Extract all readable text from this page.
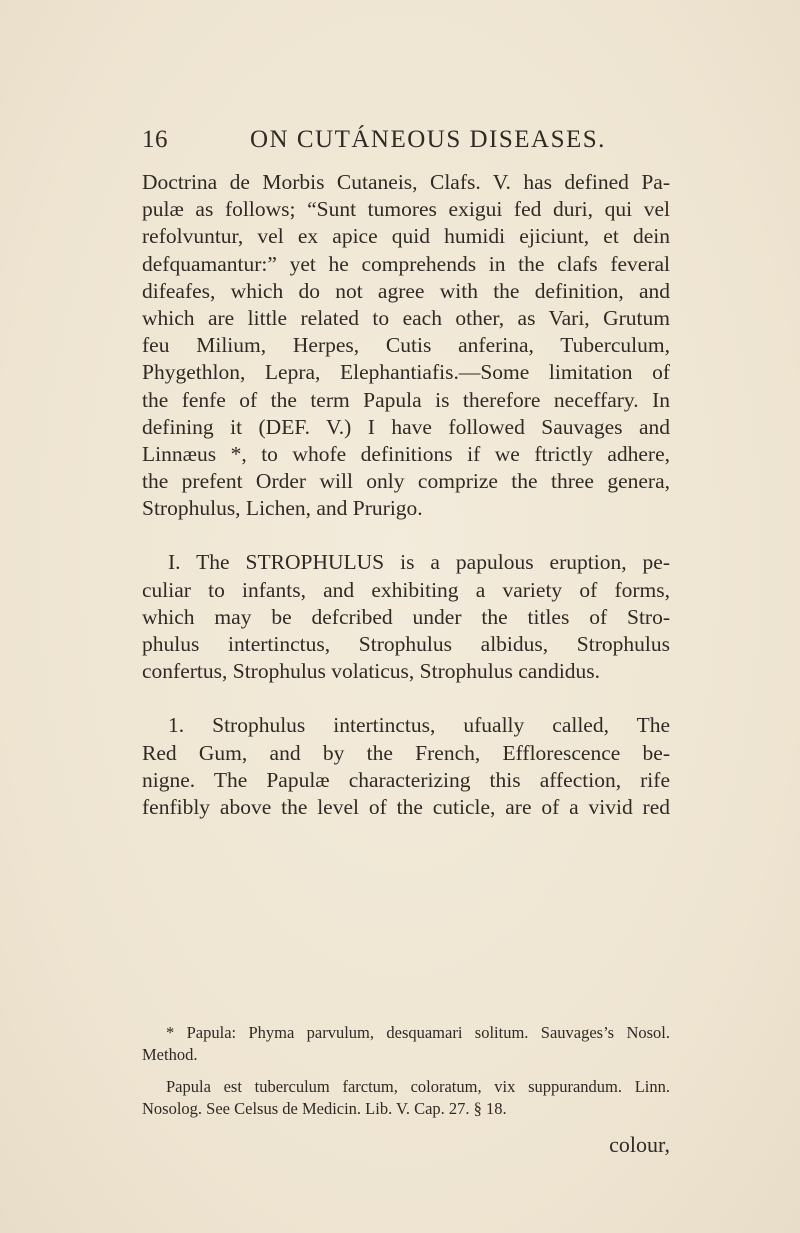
16	ON CUTÁNEOUS DISEASES.
Doctrina de Morbis Cutaneis, Clafs. V. has defined Pa-
pulæ as follows; “Sunt tumores exigui fed duri, qui vel
refolvuntur, vel ex apice quid humidi ejiciunt, et dein
defquamantur:” yet he comprehends in the clafs feveral
difeafes, which do not agree with the definition, and
which are little related to each other, as Vari, Grutum
feu Milium, Herpes, Cutis anferina, Tuberculum,
Phygethlon, Lepra, Elephantiafis.—Some limitation of
the fenfe of the term Papula is therefore neceffary. In
defining it (DEF. V.) I have followed Sauvages and
Linnæus *, to whofe definitions if we ftrictly adhere,
the prefent Order will only comprize the three genera,
Strophulus, Lichen, and Prurigo.
I. The STROPHULUS is a papulous eruption, pe-
culiar to infants, and exhibiting a variety of forms,
which may be defcribed under the titles of Stro-
phulus intertinctus, Strophulus albidus, Strophulus
confertus, Strophulus volaticus, Strophulus candidus.
1. Strophulus intertinctus, ufually called, The
Red Gum, and by the French, Efflorescence be-
nigne. The Papulæ characterizing this affection, rife
fenfibly above the level of the cuticle, are of a vivid red
* Papula: Phyma parvulum, desquamari solitum. Sauvages’s Nosol.
Method.
Papula est tuberculum farctum, coloratum, vix suppurandum. Linn.
Nosolog. See Celsus de Medicin. Lib. V. Cap. 27. § 18.
colour,
